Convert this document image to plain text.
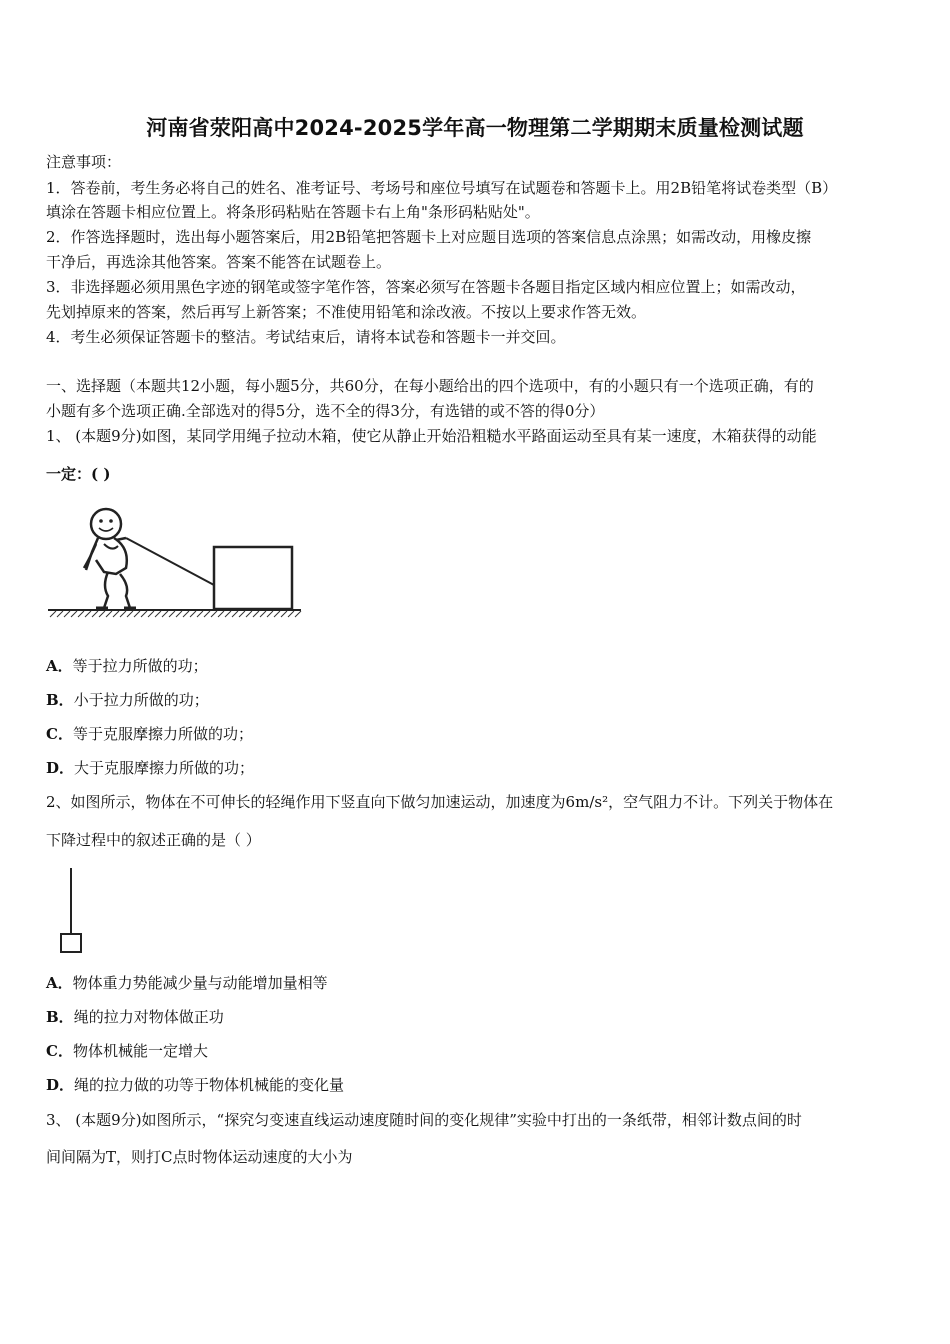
河南省荥阳高中2024-2025学年高一物理第二学期期末质量检测试题
注意事项：
1．答卷前，考生务必将自己的姓名、准考证号、考场号和座位号填写在试题卷和答题卡上。用2B铅笔将试卷类型（B）
填涂在答题卡相应位置上。将条形码粘贴在答题卡右上角"条形码粘贴处"。
2．作答选择题时，选出每小题答案后，用2B铅笔把答题卡上对应题目选项的答案信息点涂黑；如需改动，用橡皮擦
干净后，再选涂其他答案。答案不能答在试题卷上。
3．非选择题必须用黑色字迹的钢笔或签字笔作答，答案必须写在答题卡各题目指定区域内相应位置上；如需改动，
先划掉原来的答案，然后再写上新答案；不准使用铅笔和涂改液。不按以上要求作答无效。
4．考生必须保证答题卡的整洁。考试结束后，请将本试卷和答题卡一并交回。
一、选择题（本题共12小题，每小题5分，共60分，在每小题给出的四个选项中，有的小题只有一个选项正确，有的
小题有多个选项正确.全部选对的得5分，选不全的得3分，有选错的或不答的得0分）
1、 (本题9分)如图，某同学用绳子拉动木箱，使它从静止开始沿粗糙水平路面运动至具有某一速度，木箱获得的动能
一定：( )
A．等于拉力所做的功；
B．小于拉力所做的功；
C．等于克服摩擦力所做的功；
D．大于克服摩擦力所做的功；
2、如图所示，物体在不可伸长的轻绳作用下竖直向下做匀加速运动，加速度为6m/s²，空气阻力不计。下列关于物体在
下降过程中的叙述正确的是（ ）
A．物体重力势能减少量与动能增加量相等
B．绳的拉力对物体做正功
C．物体机械能一定增大
D．绳的拉力做的功等于物体机械能的变化量
3、 (本题9分)如图所示，“探究匀变速直线运动速度随时间的变化规律”实验中打出的一条纸带，相邻计数点间的时
间间隔为T，则打C点时物体运动速度的大小为
